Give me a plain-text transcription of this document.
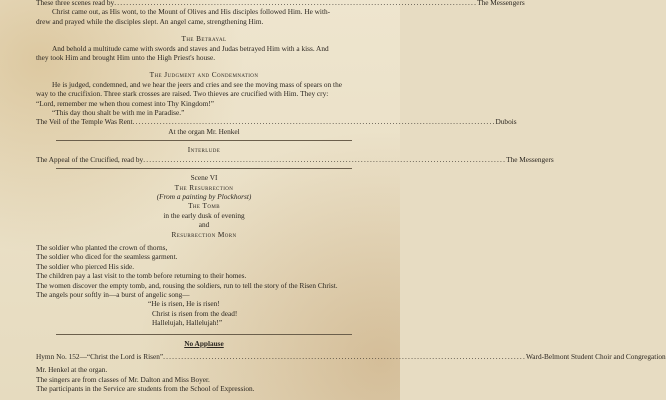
These three scenes read by ........................................................................................................................ The Messengers
Christ came out, as His wont, to the Mount of Olives and His disciples followed Him. He with-
drew and prayed while the disciples slept. An angel came, strengthening Him.
The Betrayal
And behold a multitude came with swords and staves and Judas betrayed Him with a kiss. And
they took Him and brought Him unto the High Priest's house.
The Judgment and Condemnation
He is judged, condemned, and we hear the jeers and cries and see the moving mass of spears on the
way to the crucifixion. Three stark crosses are raised. Two thieves are crucified with Him. They cry:
“Lord, remember me when thou comest into Thy Kingdom!”
“This day thou shalt be with me in Paradise.”
The Veil of the Temple Was Rent ........................................................................................................................ Dubois
At the organ Mr. Henkel
Interlude
The Appeal of the Crucified, read by ........................................................................................................................ The Messengers
Scene VI
The Resurrection
(From a painting by Plockhorst)
The Tomb
in the early dusk of evening
and
Resurrection Morn
The soldier who planted the crown of thorns,
The soldier who diced for the seamless garment.
The soldier who pierced His side.
The children pay a last visit to the tomb before returning to their homes.
The women discover the empty tomb, and, rousing the soldiers, run to tell the story of the Risen Christ.
The angels pour softly in—a burst of angelic song—
“He is risen, He is risen!
Christ is risen from the dead!
Hallelujah, Hallelujah!”
No Applause
Hymn No. 152—“Christ the Lord is Risen” ........................................................................................................................ Ward-Belmont Student Choir and Congregation
Mr. Henkel at the organ.
The singers are from classes of Mr. Dalton and Miss Boyer.
The participants in the Service are students from the School of Expression.
